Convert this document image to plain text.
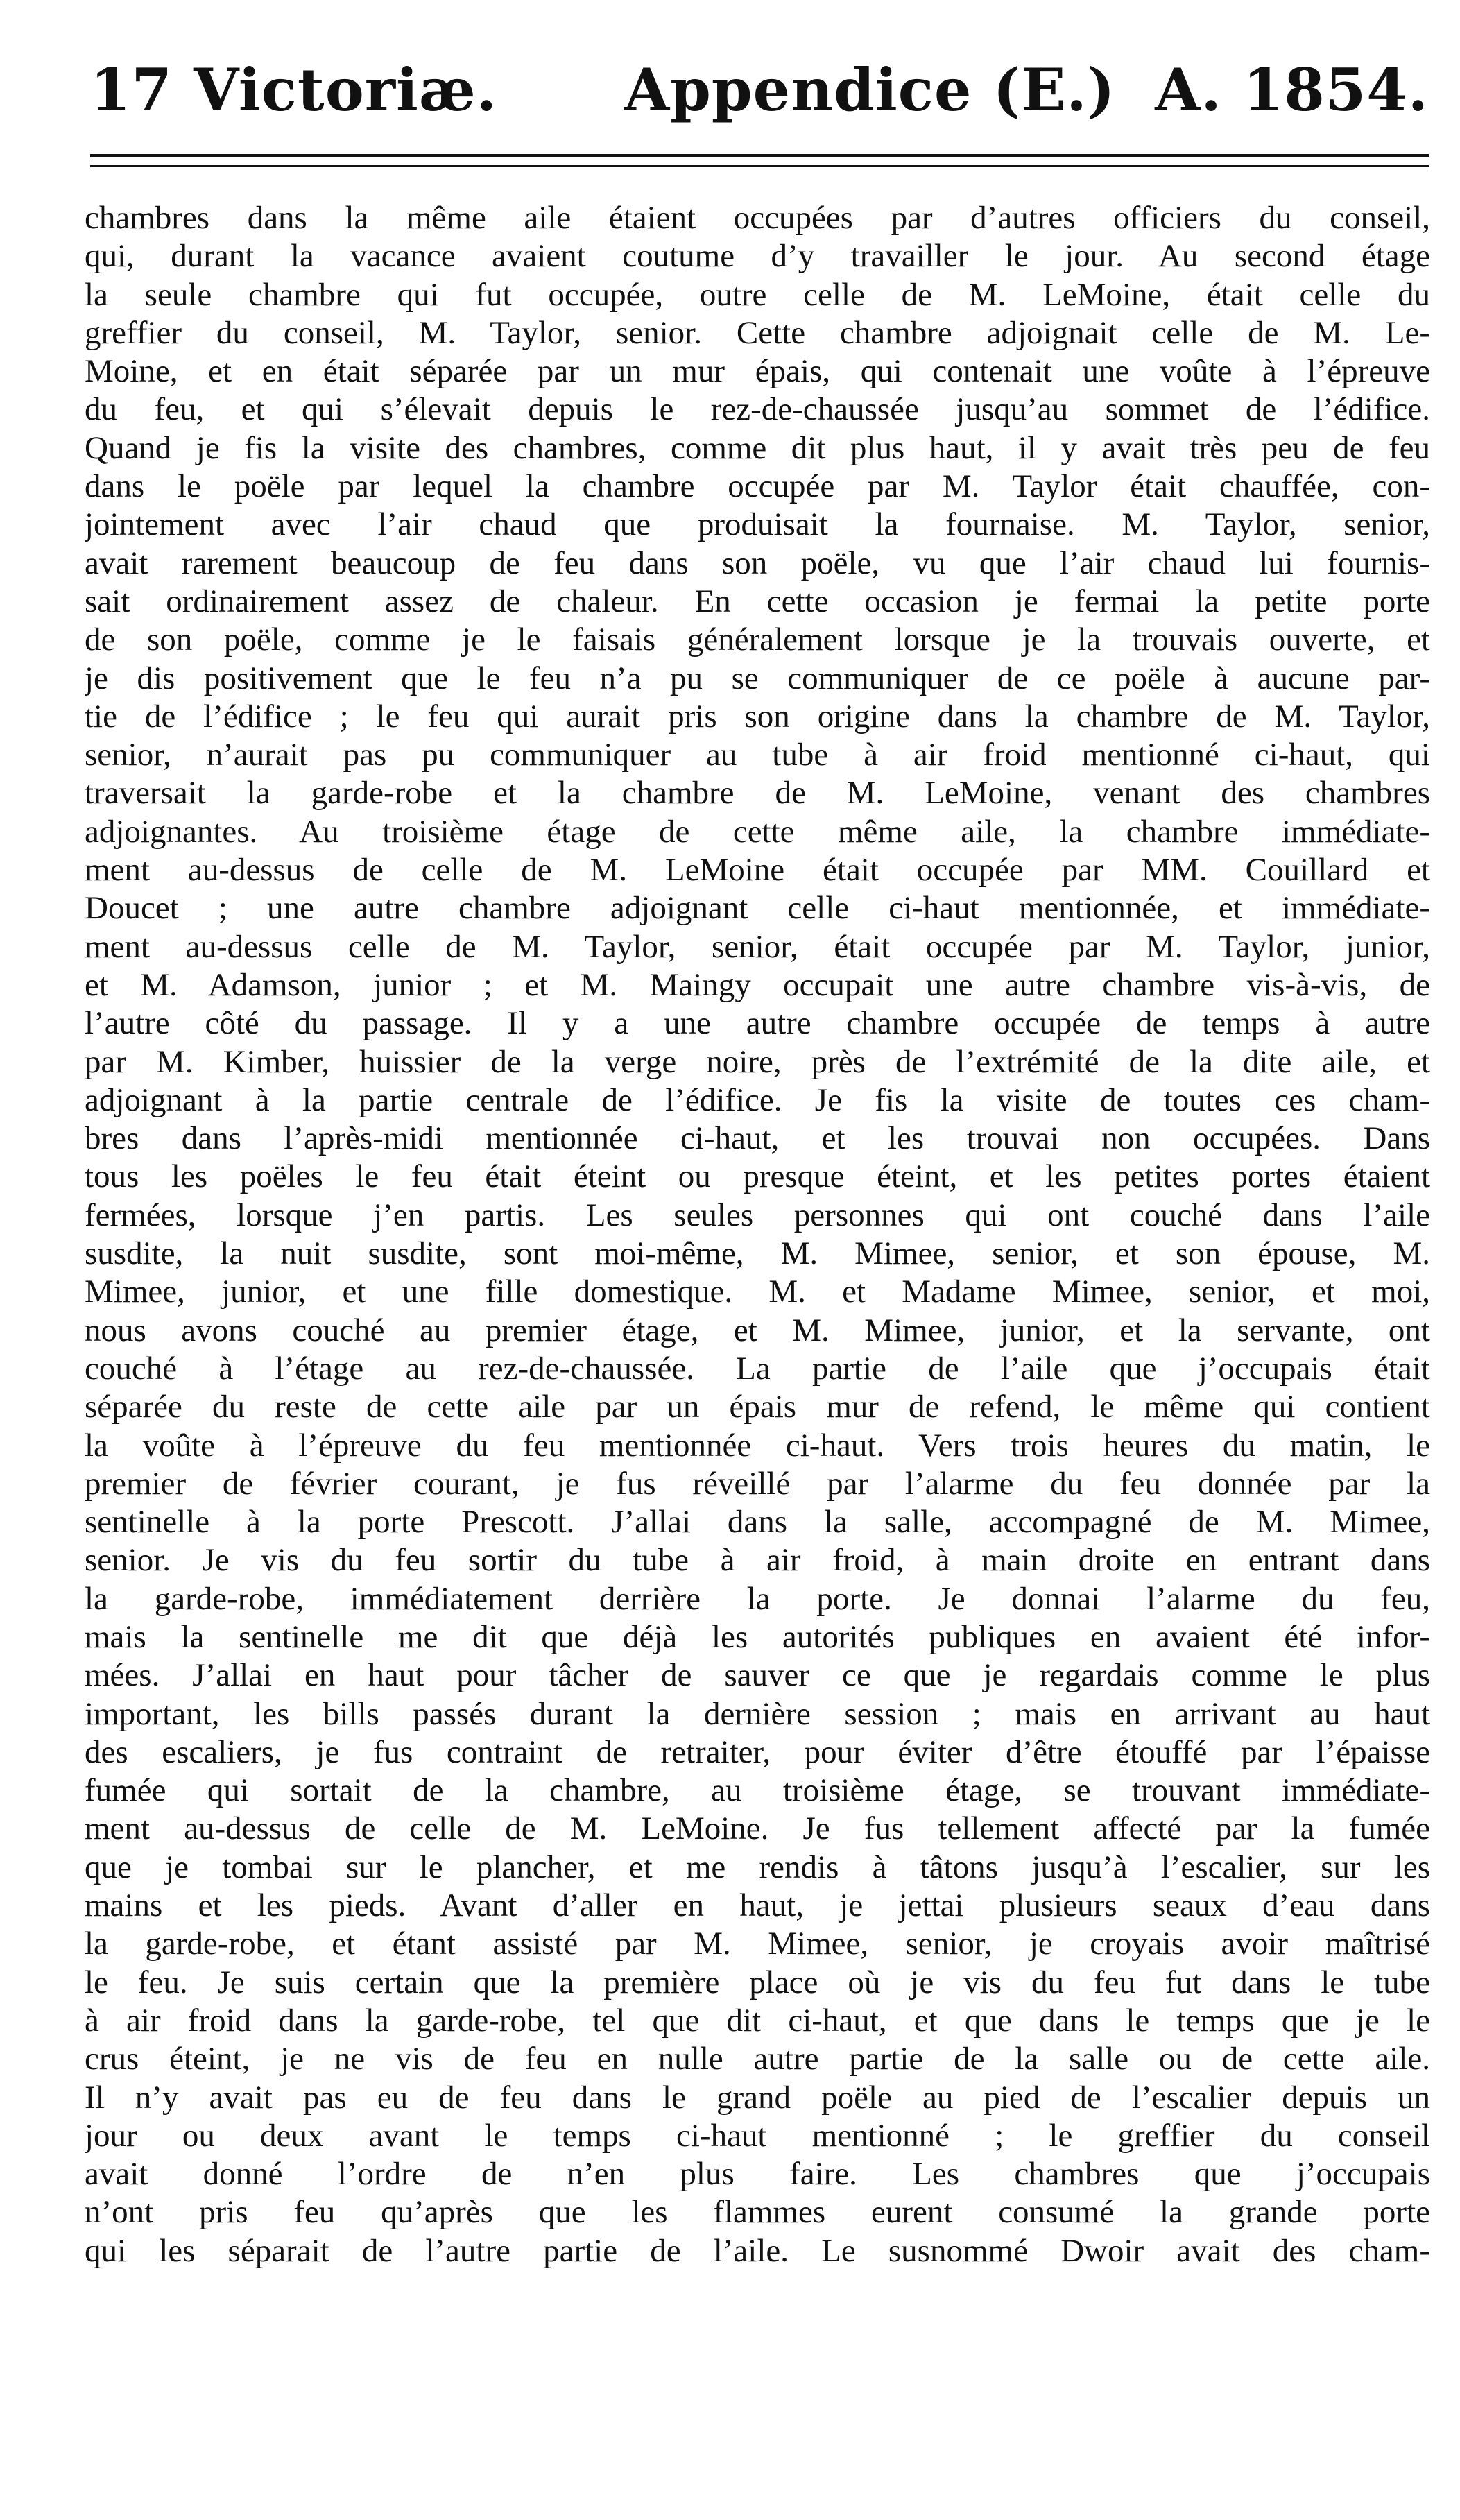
17 Victoriæ. Appendice (E.) A. 1854.
chambres dans la même aile étaient occupées par d’autres officiers du conseil,
qui, durant la vacance avaient coutume d’y travailler le jour. Au second étage
la seule chambre qui fut occupée, outre celle de M. LeMoine, était celle du
greffier du conseil, M. Taylor, senior. Cette chambre adjoignait celle de M. Le-
Moine, et en était séparée par un mur épais, qui contenait une voûte à l’épreuve
du feu, et qui s’élevait depuis le rez-de-chaussée jusqu’au sommet de l’édifice.
Quand je fis la visite des chambres, comme dit plus haut, il y avait très peu de feu
dans le poële par lequel la chambre occupée par M. Taylor était chauffée, con-
jointement avec l’air chaud que produisait la fournaise. M. Taylor, senior,
avait rarement beaucoup de feu dans son poële, vu que l’air chaud lui fournis-
sait ordinairement assez de chaleur. En cette occasion je fermai la petite porte
de son poële, comme je le faisais généralement lorsque je la trouvais ouverte, et
je dis positivement que le feu n’a pu se communiquer de ce poële à aucune par-
tie de l’édifice ; le feu qui aurait pris son origine dans la chambre de M. Taylor,
senior, n’aurait pas pu communiquer au tube à air froid mentionné ci-haut, qui
traversait la garde-robe et la chambre de M. LeMoine, venant des chambres
adjoignantes. Au troisième étage de cette même aile, la chambre immédiate-
ment au-dessus de celle de M. LeMoine était occupée par MM. Couillard et
Doucet ; une autre chambre adjoignant celle ci-haut mentionnée, et immédiate-
ment au-dessus celle de M. Taylor, senior, était occupée par M. Taylor, junior,
et M. Adamson, junior ; et M. Maingy occupait une autre chambre vis-à-vis, de
l’autre côté du passage. Il y a une autre chambre occupée de temps à autre
par M. Kimber, huissier de la verge noire, près de l’extrémité de la dite aile, et
adjoignant à la partie centrale de l’édifice. Je fis la visite de toutes ces cham-
bres dans l’après-midi mentionnée ci-haut, et les trouvai non occupées. Dans
tous les poëles le feu était éteint ou presque éteint, et les petites portes étaient
fermées, lorsque j’en partis. Les seules personnes qui ont couché dans l’aile
susdite, la nuit susdite, sont moi-même, M. Mimee, senior, et son épouse, M.
Mimee, junior, et une fille domestique. M. et Madame Mimee, senior, et moi,
nous avons couché au premier étage, et M. Mimee, junior, et la servante, ont
couché à l’étage au rez-de-chaussée. La partie de l’aile que j’occupais était
séparée du reste de cette aile par un épais mur de refend, le même qui contient
la voûte à l’épreuve du feu mentionnée ci-haut. Vers trois heures du matin, le
premier de février courant, je fus réveillé par l’alarme du feu donnée par la
sentinelle à la porte Prescott. J’allai dans la salle, accompagné de M. Mimee,
senior. Je vis du feu sortir du tube à air froid, à main droite en entrant dans
la garde-robe, immédiatement derrière la porte. Je donnai l’alarme du feu,
mais la sentinelle me dit que déjà les autorités publiques en avaient été infor-
mées. J’allai en haut pour tâcher de sauver ce que je regardais comme le plus
important, les bills passés durant la dernière session ; mais en arrivant au haut
des escaliers, je fus contraint de retraiter, pour éviter d’être étouffé par l’épaisse
fumée qui sortait de la chambre, au troisième étage, se trouvant immédiate-
ment au-dessus de celle de M. LeMoine. Je fus tellement affecté par la fumée
que je tombai sur le plancher, et me rendis à tâtons jusqu’à l’escalier, sur les
mains et les pieds. Avant d’aller en haut, je jettai plusieurs seaux d’eau dans
la garde-robe, et étant assisté par M. Mimee, senior, je croyais avoir maîtrisé
le feu. Je suis certain que la première place où je vis du feu fut dans le tube
à air froid dans la garde-robe, tel que dit ci-haut, et que dans le temps que je le
crus éteint, je ne vis de feu en nulle autre partie de la salle ou de cette aile.
Il n’y avait pas eu de feu dans le grand poële au pied de l’escalier depuis un
jour ou deux avant le temps ci-haut mentionné ; le greffier du conseil
avait donné l’ordre de n’en plus faire. Les chambres que j’occupais
n’ont pris feu qu’après que les flammes eurent consumé la grande porte
qui les séparait de l’autre partie de l’aile. Le susnommé Dwoir avait des cham-
